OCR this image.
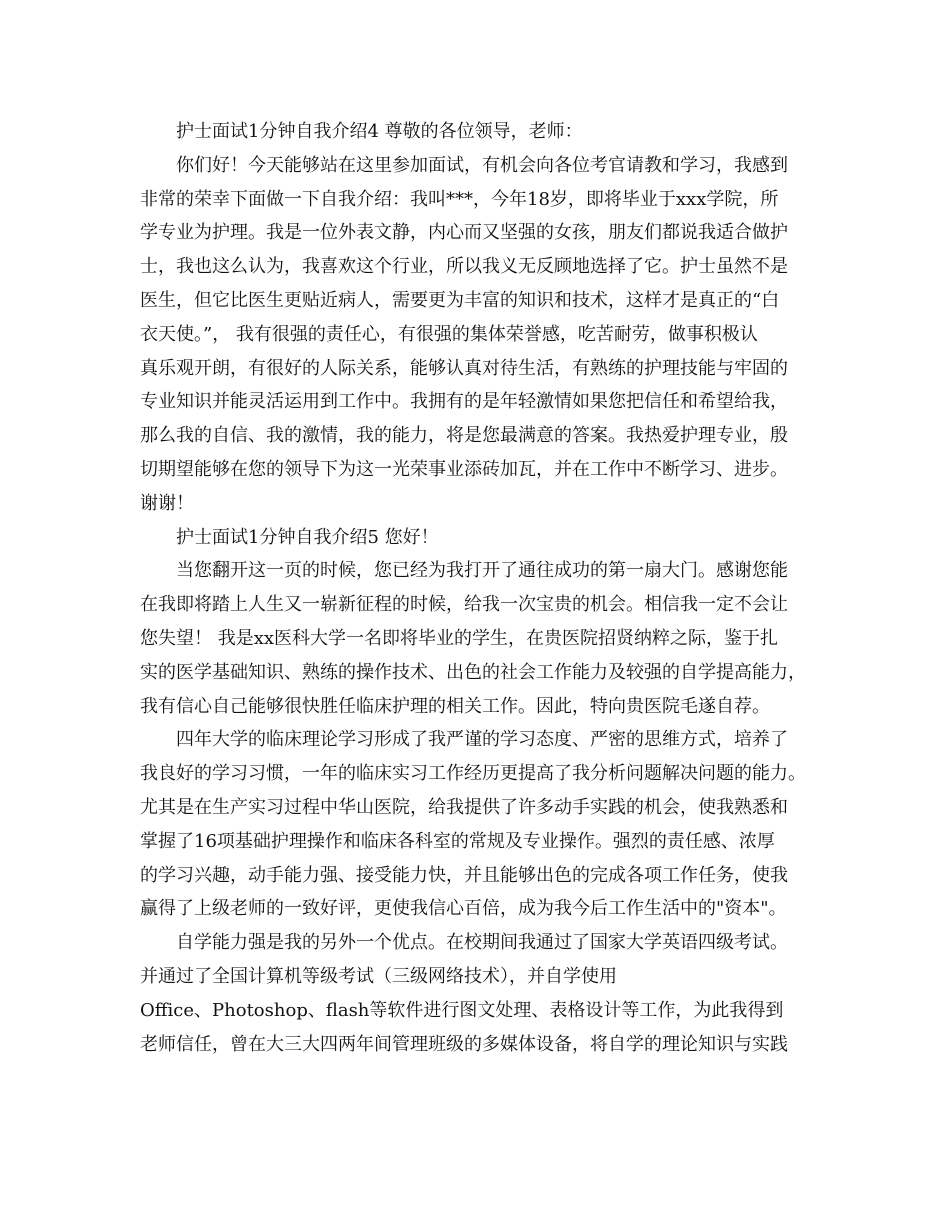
护士面试1分钟自我介绍4 尊敬的各位领导，老师：
你们好！今天能够站在这里参加面试，有机会向各位考官请教和学习，我感到
非常的荣幸下面做一下自我介绍：我叫***，今年18岁，即将毕业于xxx学院，所
学专业为护理。我是一位外表文静，内心而又坚强的女孩，朋友们都说我适合做护
士，我也这么认为，我喜欢这个行业，所以我义无反顾地选择了它。护士虽然不是
医生，但它比医生更贴近病人，需要更为丰富的知识和技术，这样才是真正的“白
衣天使。”， 我有很强的责任心，有很强的集体荣誉感，吃苦耐劳，做事积极认
真乐观开朗，有很好的人际关系，能够认真对待生活，有熟练的护理技能与牢固的
专业知识并能灵活运用到工作中。我拥有的是年轻激情如果您把信任和希望给我，
那么我的自信、我的激情，我的能力，将是您最满意的答案。我热爱护理专业，殷
切期望能够在您的领导下为这一光荣事业添砖加瓦，并在工作中不断学习、进步。
谢谢！
护士面试1分钟自我介绍5 您好！
当您翻开这一页的时候，您已经为我打开了通往成功的第一扇大门。感谢您能
在我即将踏上人生又一崭新征程的时候，给我一次宝贵的机会。相信我一定不会让
您失望！ 我是xx医科大学一名即将毕业的学生，在贵医院招贤纳粹之际，鉴于扎
实的医学基础知识、熟练的操作技术、出色的社会工作能力及较强的自学提高能力，
我有信心自己能够很快胜任临床护理的相关工作。因此，特向贵医院毛遂自荐。
四年大学的临床理论学习形成了我严谨的学习态度、严密的思维方式，培养了
我良好的学习习惯，一年的临床实习工作经历更提高了我分析问题解决问题的能力。
尤其是在生产实习过程中华山医院，给我提供了许多动手实践的机会，使我熟悉和
掌握了16项基础护理操作和临床各科室的常规及专业操作。强烈的责任感、浓厚
的学习兴趣，动手能力强、接受能力快，并且能够出色的完成各项工作任务，使我
赢得了上级老师的一致好评，更使我信心百倍，成为我今后工作生活中的"资本"。
自学能力强是我的另外一个优点。在校期间我通过了国家大学英语四级考试。
并通过了全国计算机等级考试（三级网络技术），并自学使用
Office、Photoshop、flash等软件进行图文处理、表格设计等工作，为此我得到
老师信任，曾在大三大四两年间管理班级的多媒体设备，将自学的理论知识与实践
